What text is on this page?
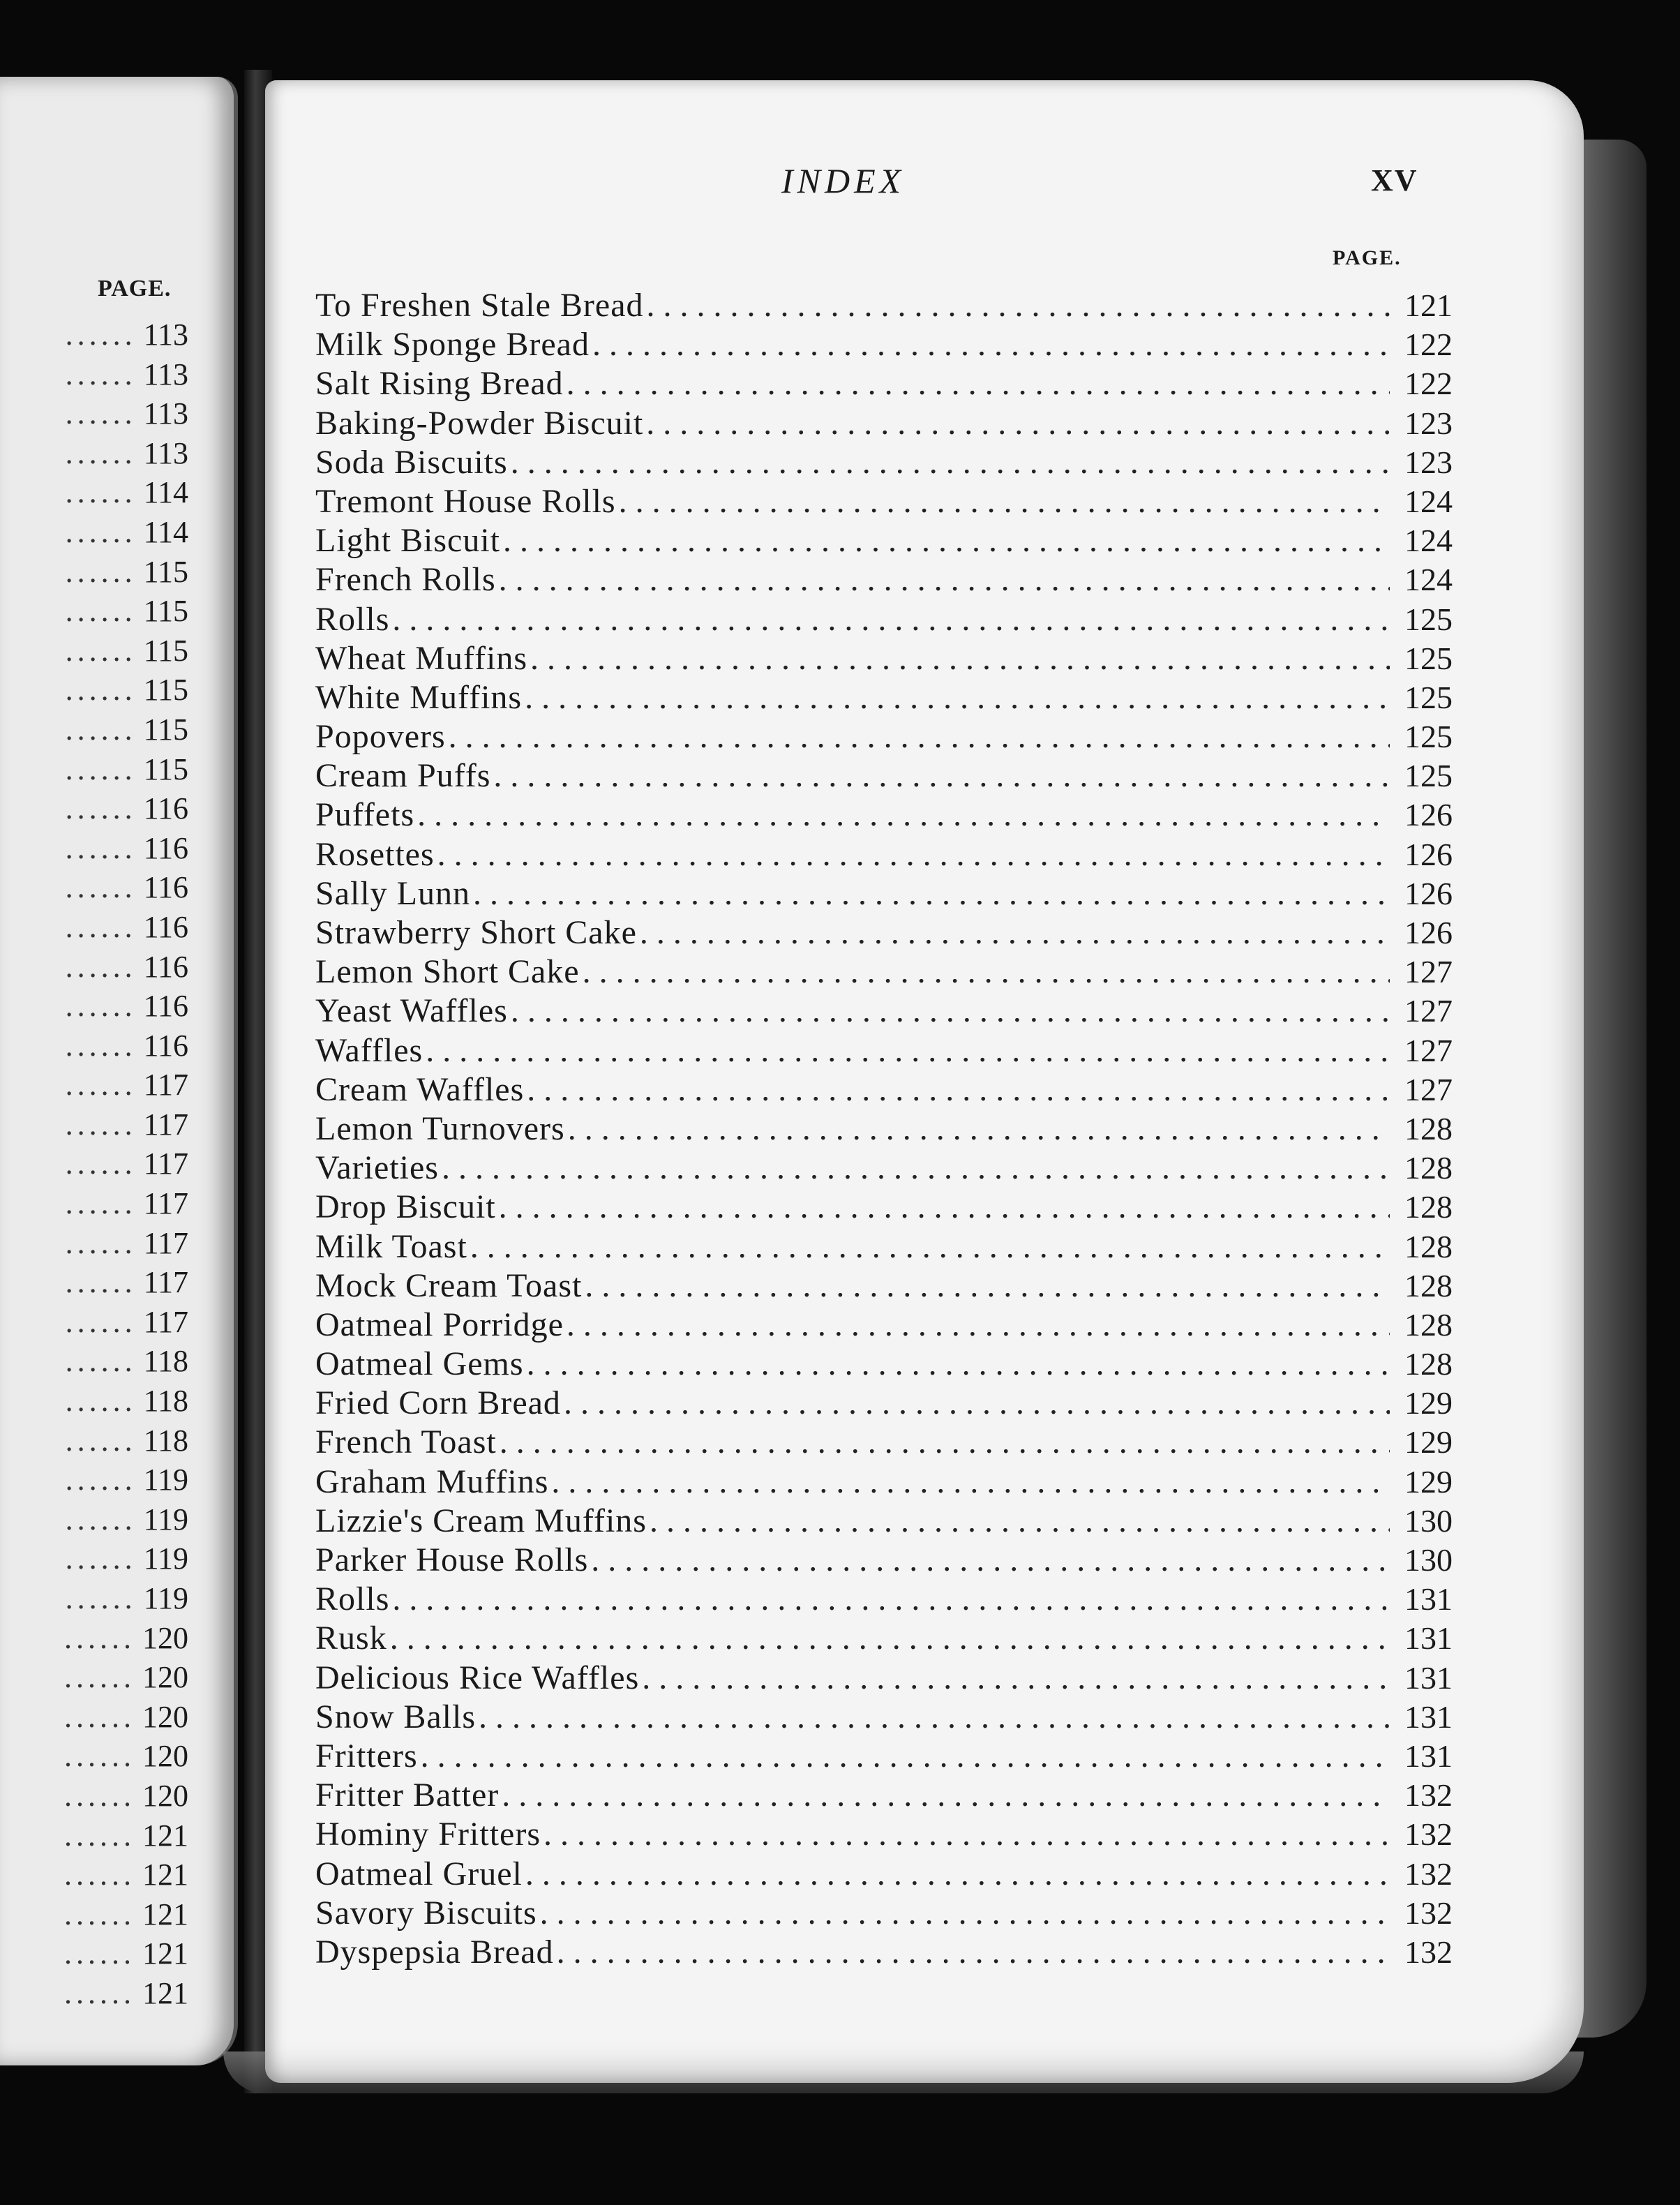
PAGE.
...... 113
...... 113
...... 113
...... 113
...... 114
...... 114
...... 115
...... 115
...... 115
...... 115
...... 115
...... 115
...... 116
...... 116
...... 116
...... 116
...... 116
...... 116
...... 116
...... 117
...... 117
...... 117
...... 117
...... 117
...... 117
...... 117
...... 118
...... 118
...... 118
...... 119
...... 119
...... 119
...... 119
...... 120
...... 120
...... 120
...... 120
...... 120
...... 121
...... 121
...... 121
...... 121
...... 121
INDEX	XV
PAGE.
To Freshen Stale Bread . . .	121
Milk Sponge Bread . . .	122
Salt Rising Bread . . .	122
Baking-Powder Biscuit . . .	123
Soda Biscuits . . .	123
Tremont House Rolls . . .	124
Light Biscuit . . .	124
French Rolls . . .	124
Rolls . . .	125
Wheat Muffins . . .	125
White Muffins . . .	125
Popovers . . .	125
Cream Puffs . . .	125
Puffets . . .	126
Rosettes . . .	126
Sally Lunn . . .	126
Strawberry Short Cake . . .	126
Lemon Short Cake . . .	127
Yeast Waffles . . .	127
Waffles . . .	127
Cream Waffles . . .	127
Lemon Turnovers . . .	128
Varieties . . .	128
Drop Biscuit . . .	128
Milk Toast . . .	128
Mock Cream Toast . . .	128
Oatmeal Porridge . . .	128
Oatmeal Gems . . .	128
Fried Corn Bread . . .	129
French Toast . . .	129
Graham Muffins . . .	129
Lizzie's Cream Muffins . . .	130
Parker House Rolls . . .	130
Rolls . . .	131
Rusk . . .	131
Delicious Rice Waffles . . .	131
Snow Balls . . .	131
Fritters . . .	131
Fritter Batter . . .	132
Hominy Fritters . . .	132
Oatmeal Gruel . . .	132
Savory Biscuits . . .	132
Dyspepsia Bread . . .	132
